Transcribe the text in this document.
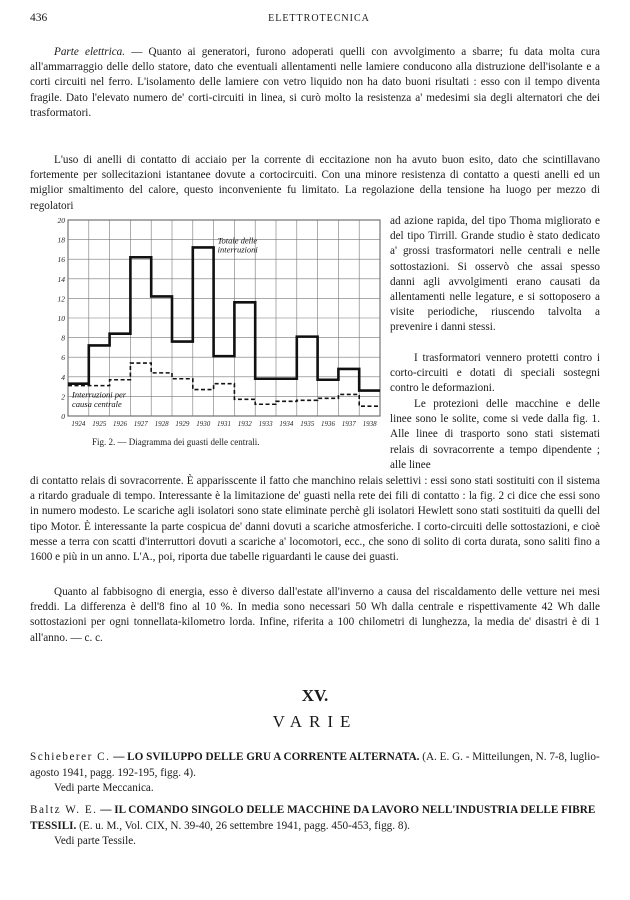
436	ELETTROTECNICA

Parte elettrica. — Quanto ai generatori, furono adoperati quelli con avvolgimento a sbarre; fu data molta cura all'ammarraggio delle dello statore, dato che eventuali allentamenti nelle lamiere conducono alla distruzione dell'isolante e a corti circuiti nel ferro. L'isolamento delle lamiere con vetro liquido non ha dato buoni risultati : esso con il tempo diventa fragile. Dato l'elevato numero de' corti-circuiti in linea, si curò molto la resistenza a' medesimi sia degli alternatori che dei trasformatori.

L'uso di anelli di contatto di acciaio per la corrente di eccitazione non ha avuto buon esito, dato che scintillavano fortemente per sollecitazioni istantanee dovute a cortocircuiti. Con una minore resistenza di contatto a questi anelli ed un miglior smaltimento del calore, questo inconveniente fu limitato. La regolazione della tensione ha luogo per mezzo di regolatori

0
2
4
6
8
10
12
14
16
18
20
1924 1925 1926 1927 1928 1929 1930 1931 1932 1933 1934 1935 1936 1937 1938
Totale delle
interruzioni
Interruzioni per
causa centrale
Fig. 2. — Diagramma dei guasti delle centrali.

ad azione rapida, del tipo Thoma migliorato e del tipo Tirrill. Grande studio è stato dedicato a' grossi trasformatori nelle centrali e nelle sottostazioni. Si osservò che assai spesso danni agli avvolgimenti erano causati da allentamenti nelle legature, e si sottoposero a visite periodiche, riuscendo talvolta a prevenire i danni stessi.

I trasformatori vennero protetti contro i corto-circuiti e dotati di speciali sostegni contro le deformazioni.

Le protezioni delle macchine e delle linee sono le solite, come si vede dalla fig. 1. Alle linee di trasporto sono stati sistemati relais di sovracorrente a tempo dipendente ; alle linee

di contatto relais di sovracorrente. È apparisscente il fatto che manchino relais selettivi : essi sono stati sostituiti con il sistema a ritardo graduale di tempo. Interessante è la limitazione de' guasti nella rete dei fili di contatto : la fig. 2 ci dice che essi sono in numero modesto. Le scariche agli isolatori sono state eliminate perchè gli isolatori Hewlett sono stati sostituiti da quelli del tipo Motor. È interessante la parte cospicua de' danni dovuti a scariche atmosferiche. I corto-circuiti delle sottostazioni, e cioè messe a terra con scatti d'interruttori dovuti a scariche a' locomotori, ecc., che sono di solito di corta durata, sono saliti fino a 1600 e più in un anno. L'A., poi, riporta due tabelle riguardanti le cause dei guasti.

Quanto al fabbisogno di energia, esso è diverso dall'estate all'inverno a causa del riscaldamento delle vetture nei mesi freddi. La differenza è dell'8 fino al 10 %. In media sono necessari 50 Wh dalla centrale e rispettivamente 42 Wh dalle sottostazioni per ogni tonnellata-kilometro lorda. Infine, riferita a 100 chilometri di lunghezza, la media de' disastri è di 1 all'anno. — c. c.

XV.
VARIE

Schieberer C. — LO SVILUPPO DELLE GRU A CORRENTE ALTERNATA. (A. E. G. - Mitteilungen, N. 7-8, luglio-agosto 1941, pagg. 192-195, figg. 4).
Vedi parte Meccanica.

Baltz W. E. — IL COMANDO SINGOLO DELLE MACCHINE DA LAVORO NELL'INDUSTRIA DELLE FIBRE TESSILI. (E. u. M., Vol. CIX, N. 39-40, 26 settembre 1941, pagg. 450-453, figg. 8).
Vedi parte Tessile.
